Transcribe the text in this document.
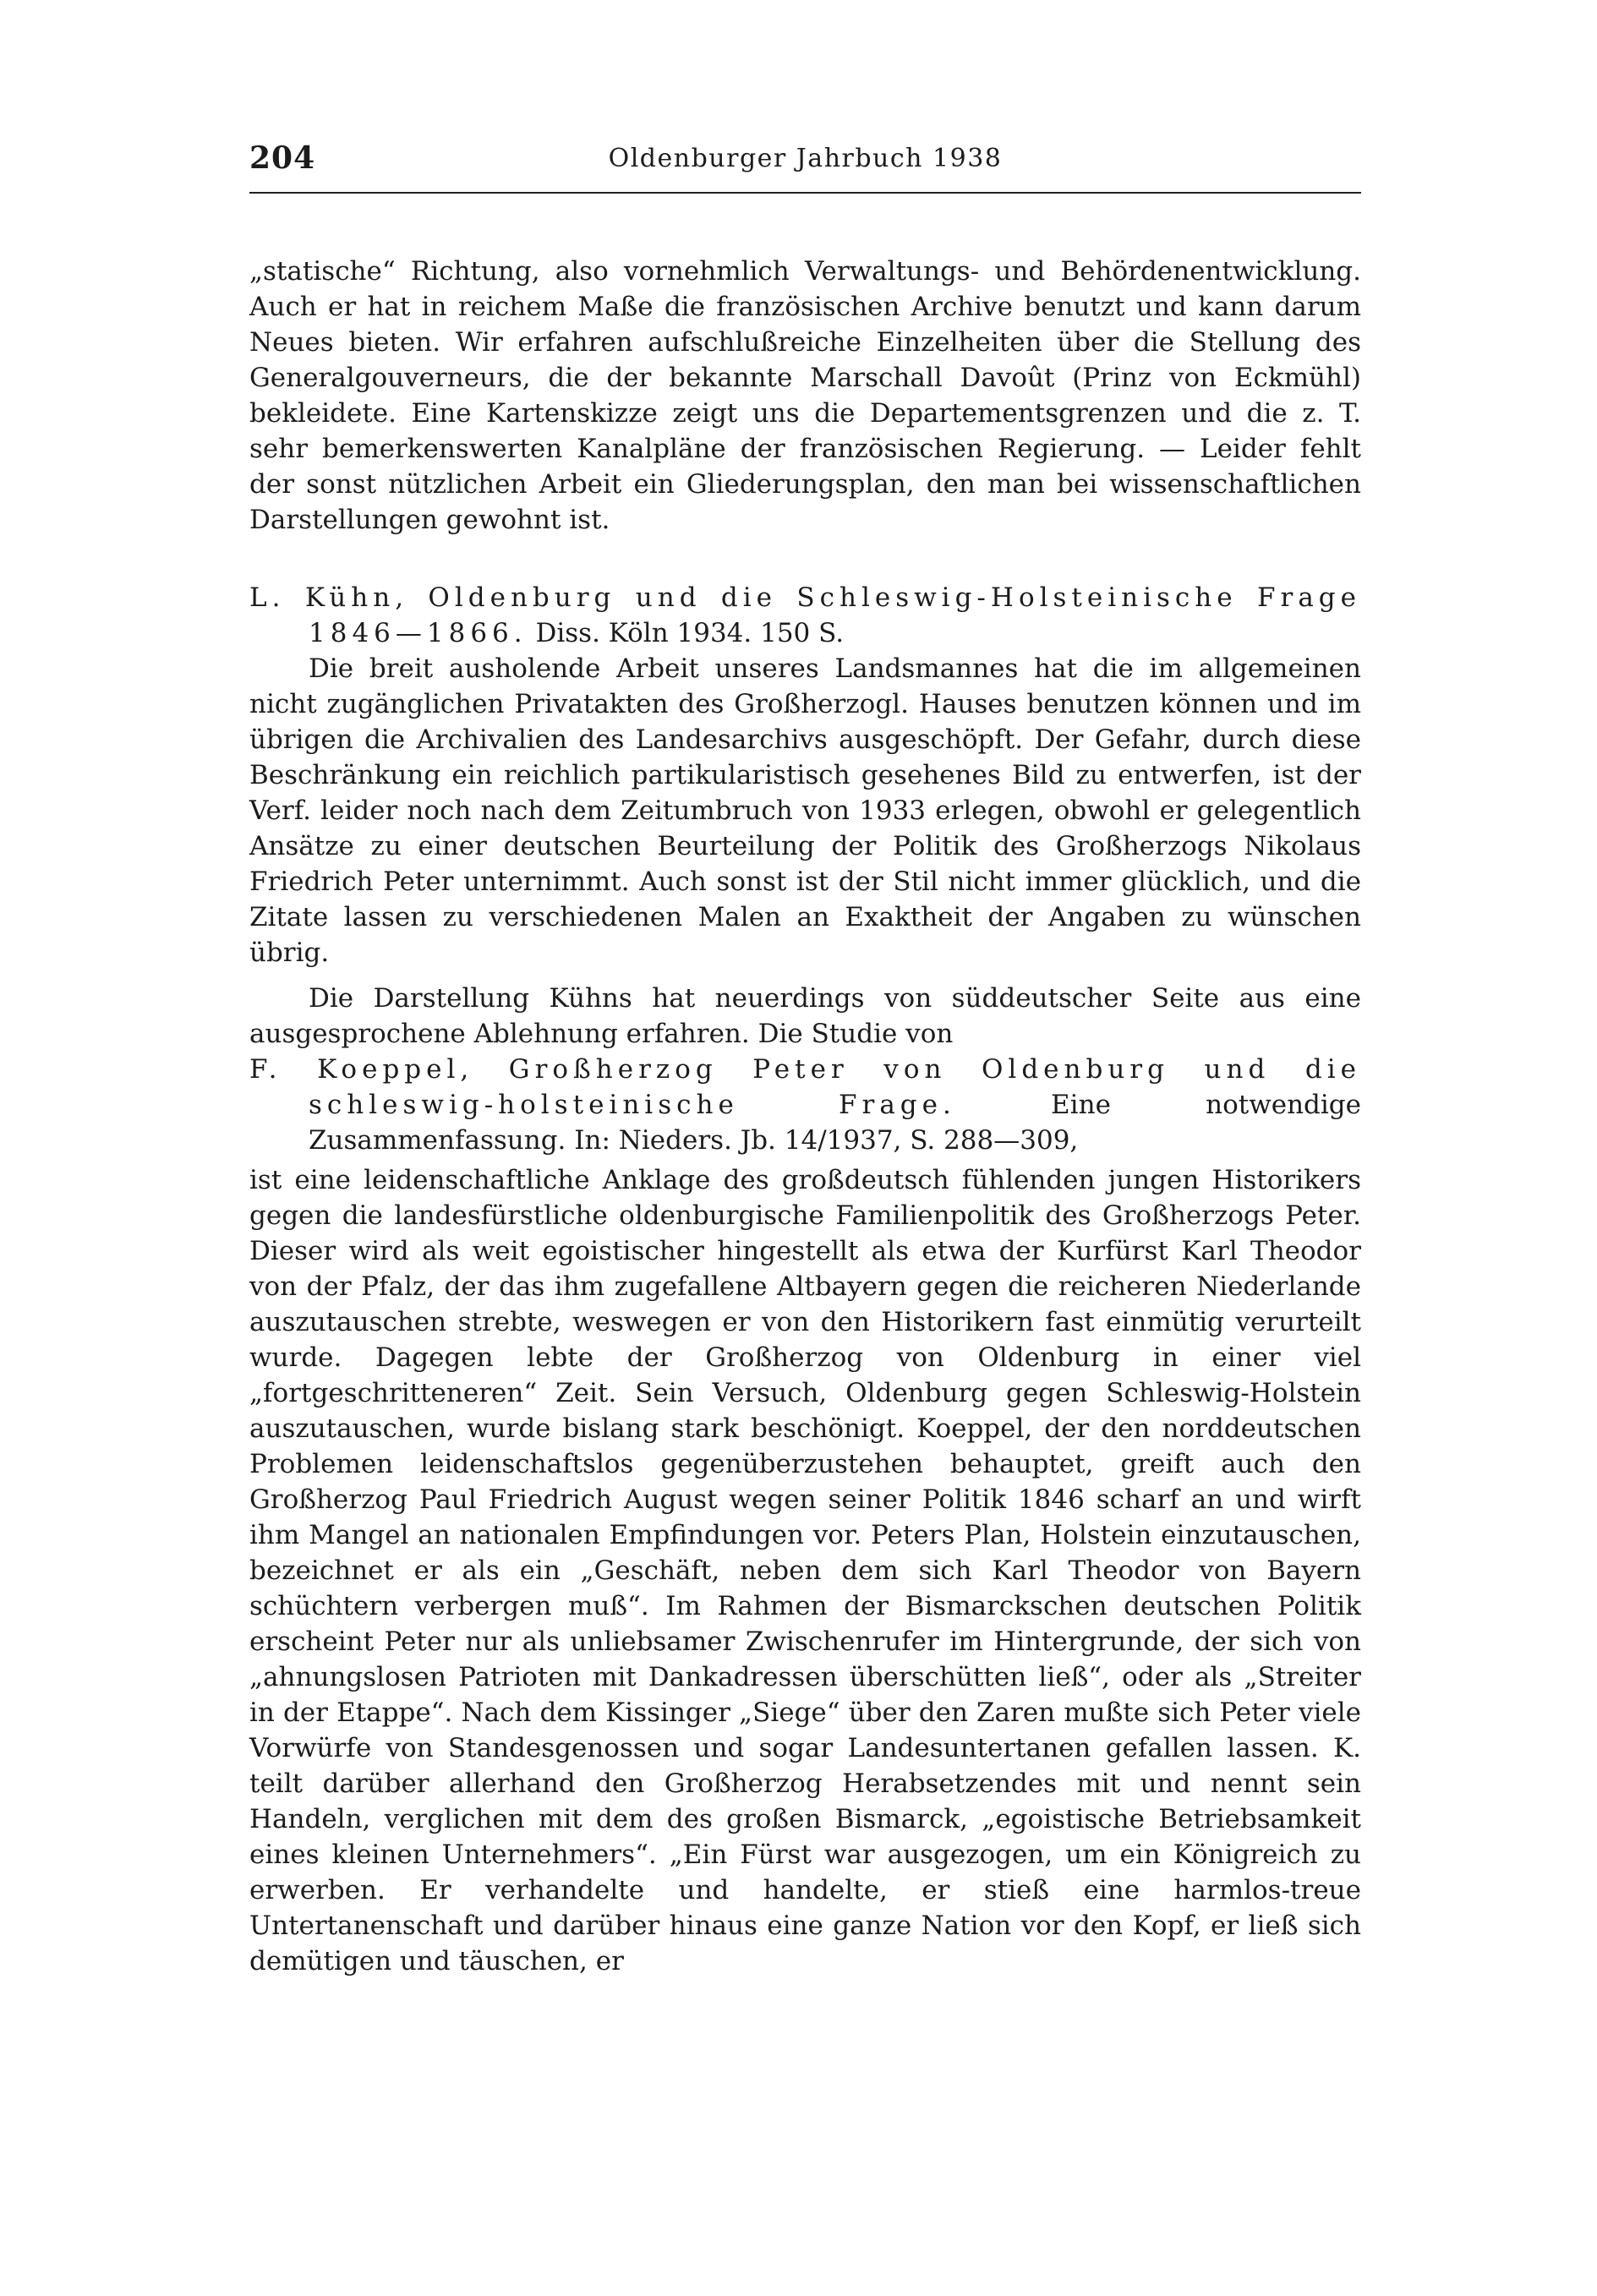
204	Oldenburger Jahrbuch 1938

„statische“ Richtung, also vornehmlich Verwaltungs- und Behördenentwicklung. Auch er hat in reichem Maße die französischen Archive benutzt und kann darum Neues bieten. Wir erfahren aufschlußreiche Einzelheiten über die Stellung des Generalgouverneurs, die der bekannte Marschall Davoût (Prinz von Eckmühl) bekleidete. Eine Kartenskizze zeigt uns die Departementsgrenzen und die z. T. sehr bemerkenswerten Kanalpläne der französischen Regierung. — Leider fehlt der sonst nützlichen Arbeit ein Gliederungsplan, den man bei wissenschaftlichen Darstellungen gewohnt ist.

L. Kühn, Oldenburg und die Schleswig-Holsteinische Frage 1846—1866. Diss. Köln 1934. 150 S.

Die breit ausholende Arbeit unseres Landsmannes hat die im allgemeinen nicht zugänglichen Privatakten des Großherzogl. Hauses benutzen können und im übrigen die Archivalien des Landesarchivs ausgeschöpft. Der Gefahr, durch diese Beschränkung ein reichlich partikularistisch gesehenes Bild zu entwerfen, ist der Verf. leider noch nach dem Zeitumbruch von 1933 erlegen, obwohl er gelegentlich Ansätze zu einer deutschen Beurteilung der Politik des Großherzogs Nikolaus Friedrich Peter unternimmt. Auch sonst ist der Stil nicht immer glücklich, und die Zitate lassen zu verschiedenen Malen an Exaktheit der Angaben zu wünschen übrig.

Die Darstellung Kühns hat neuerdings von süddeutscher Seite aus eine ausgesprochene Ablehnung erfahren. Die Studie von

F. Koeppel, Großherzog Peter von Oldenburg und die schleswig-holsteinische Frage. Eine notwendige Zusammenfassung. In: Nieders. Jb. 14/1937, S. 288—309,

ist eine leidenschaftliche Anklage des großdeutsch fühlenden jungen Historikers gegen die landesfürstliche oldenburgische Familienpolitik des Großherzogs Peter. Dieser wird als weit egoistischer hingestellt als etwa der Kurfürst Karl Theodor von der Pfalz, der das ihm zugefallene Altbayern gegen die reicheren Niederlande auszutauschen strebte, weswegen er von den Historikern fast einmütig verurteilt wurde. Dagegen lebte der Großherzog von Oldenburg in einer viel „fortgeschritteneren“ Zeit. Sein Versuch, Oldenburg gegen Schleswig-Holstein auszutauschen, wurde bislang stark beschönigt. Koeppel, der den norddeutschen Problemen leidenschaftslos gegenüberzustehen behauptet, greift auch den Großherzog Paul Friedrich August wegen seiner Politik 1846 scharf an und wirft ihm Mangel an nationalen Empfindungen vor. Peters Plan, Holstein einzutauschen, bezeichnet er als ein „Geschäft, neben dem sich Karl Theodor von Bayern schüchtern verbergen muß“. Im Rahmen der Bismarckschen deutschen Politik erscheint Peter nur als unliebsamer Zwischenrufer im Hintergrunde, der sich von „ahnungslosen Patrioten mit Dankadressen überschütten ließ“, oder als „Streiter in der Etappe“. Nach dem Kissinger „Siege“ über den Zaren mußte sich Peter viele Vorwürfe von Standesgenossen und sogar Landesuntertanen gefallen lassen. K. teilt darüber allerhand den Großherzog Herabsetzendes mit und nennt sein Handeln, verglichen mit dem des großen Bismarck, „egoistische Betriebsamkeit eines kleinen Unternehmers“. „Ein Fürst war ausgezogen, um ein Königreich zu erwerben. Er verhandelte und handelte, er stieß eine harmlos-treue Untertanenschaft und darüber hinaus eine ganze Nation vor den Kopf, er ließ sich demütigen und täuschen, er
